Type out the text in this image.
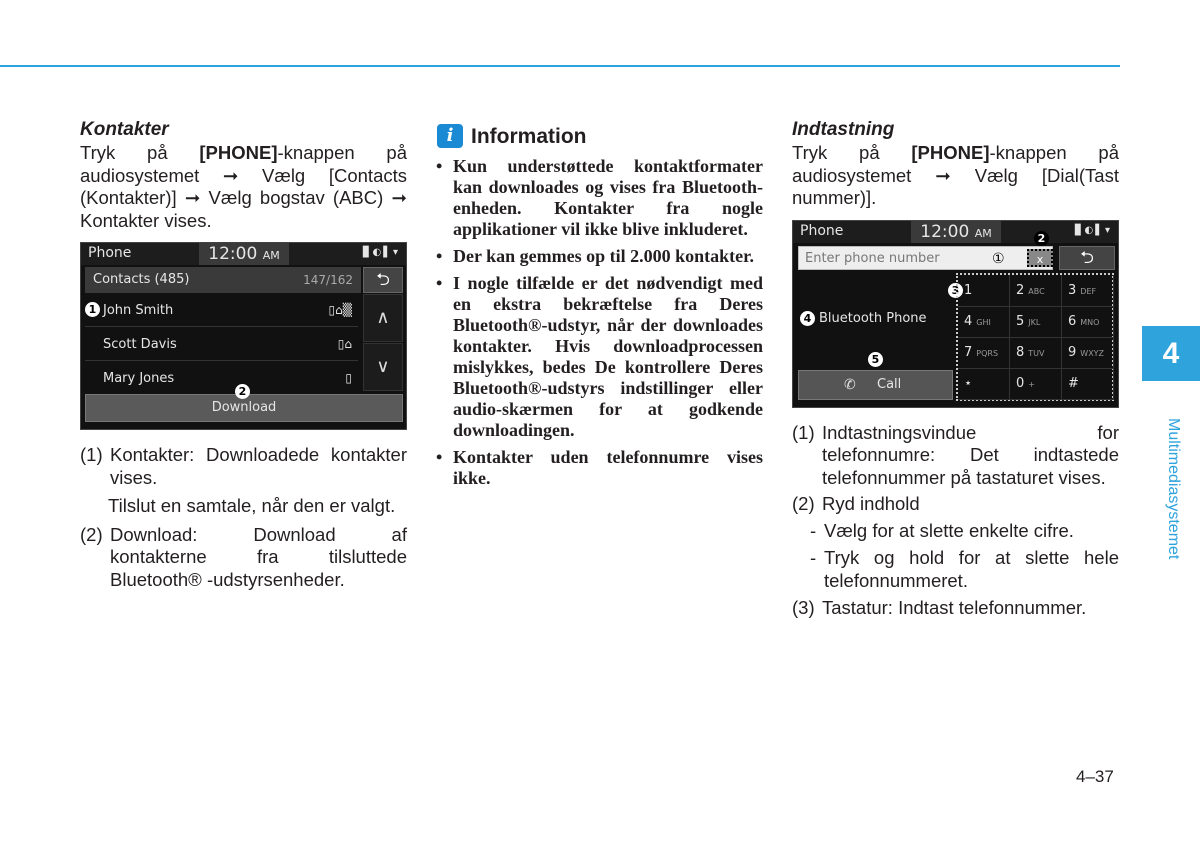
Kontakter
Tryk på [PHONE]-knappen på audiosystemet ➞ Vælg [Contacts (Kontakter)] ➞ Vælg bogstav (ABC) ➞ Kontakter vises.
Phone	12:00 AM	▊◐▌▾
Contacts (485)	147/162	⮌
John Smith	▯⌂▒
Scott Davis	▯⌂
Mary Jones	▯
∧
∨
Download
1
2
(1) Kontakter: Downloadede kontakter vises.
Tilslut en samtale, når den er valgt.
(2) Download: Download af kontakterne fra tilsluttede Bluetooth® -udstyrsenheder.
i Information
• Kun understøttede kontaktformater kan downloades og vises fra Bluetooth-enheden. Kontakter fra nogle applikationer vil ikke blive inkluderet.
• Der kan gemmes op til 2.000 kontakter.
• I nogle tilfælde er det nødvendigt med en ekstra bekræftelse fra Deres Bluetooth®-udstyr, når der downloades kontakter. Hvis downloadprocessen mislykkes, bedes De kontrollere Deres Bluetooth®-udstyrs indstillinger eller audio-skærmen for at godkende downloadingen.
• Kontakter uden telefonnumre vises ikke.
Indtastning
Tryk på [PHONE]-knappen på audiosystemet ➞ Vælg [Dial(Tast nummer)].
Phone	12:00 AM	▊◐▌▾
Enter phone number	①	x
2
⮌
4 Bluetooth Phone
5
✆ Call
3 1	2 ABC	3 DEF
4 GHI	5 JKL	6 MNO
7 PQRS	8 TUV	9 WXYZ
⋆	0 +	#
(1) Indtastningsvindue for telefonnumre: Det indtastede telefonnummer på tastaturet vises.
(2) Ryd indhold
- Vælg for at slette enkelte cifre.
- Tryk og hold for at slette hele telefonnummeret.
(3) Tastatur: Indtast telefonnummer.
4
Multimediasystemet
4–37
